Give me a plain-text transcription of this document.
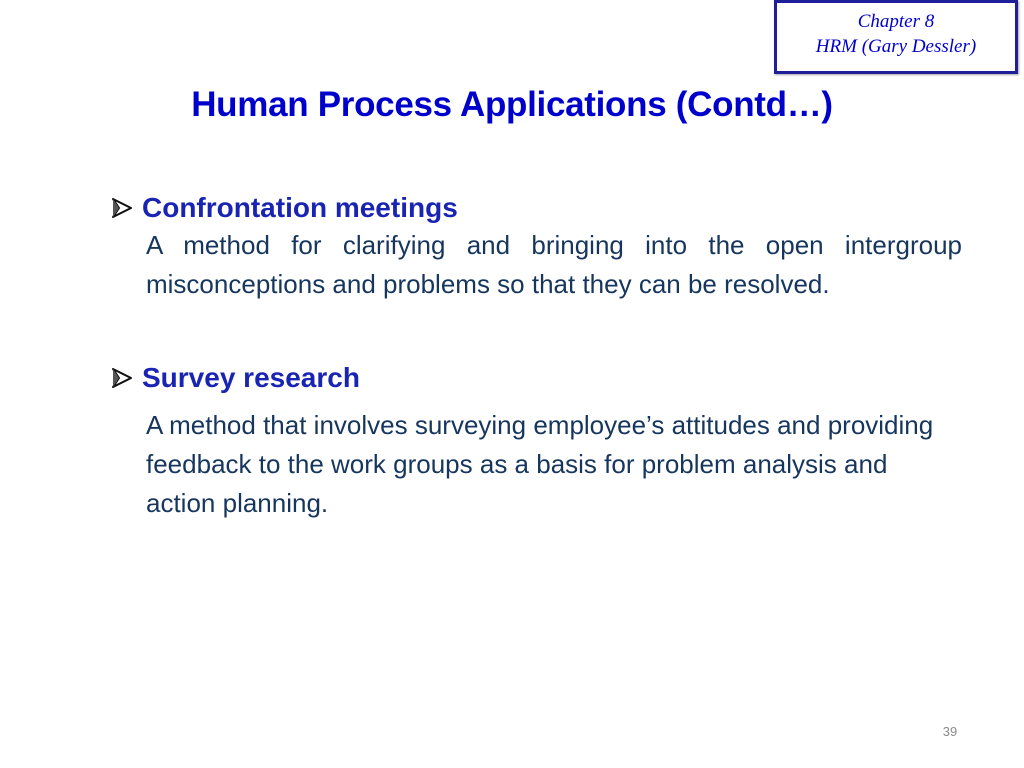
Chapter 8
HRM (Gary Dessler)
Human Process Applications (Contd…)
Confrontation meetings
A method for clarifying and bringing into the open intergroup misconceptions and problems so that they can be resolved.
Survey research
A method that involves surveying employee’s attitudes and providing feedback to the work groups as a basis for problem analysis and action planning.
39
